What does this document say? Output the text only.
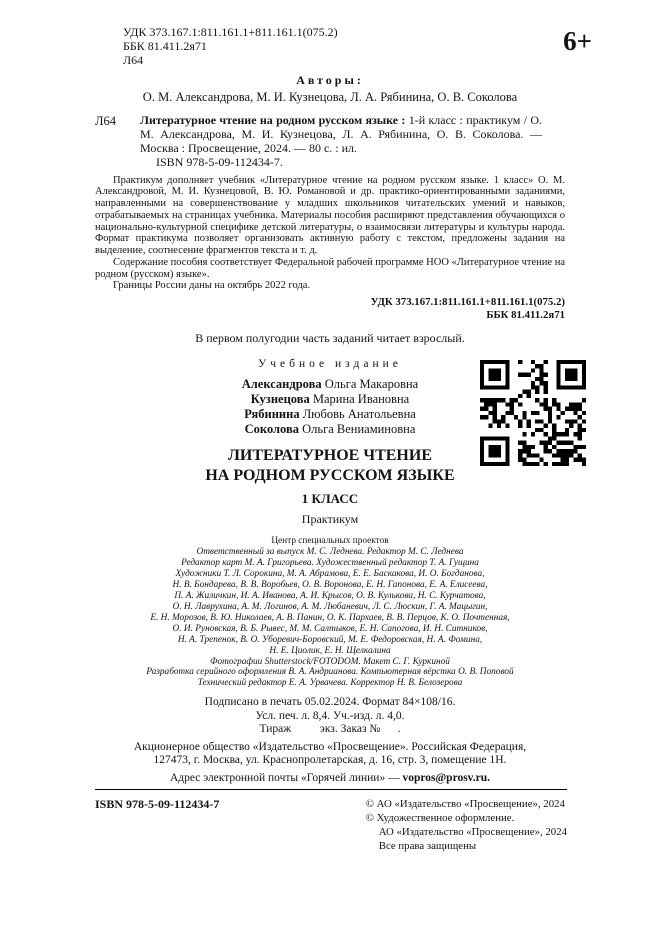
6+
УДК 373.167.1:811.161.1+811.161.1(075.2)
ББК 81.411.2я71
Л64
Авторы:
О. М. Александрова, М. И. Кузнецова, Л. А. Рябинина, О. В. Соколова
Л64 Литературное чтение на родном русском языке : 1-й класс : практикум / О. М. Александрова, М. И. Кузнецова, Л. А. Рябинина, О. В. Соколова. — Москва : Просвещение, 2024. — 80 с. : ил.
ISBN 978-5-09-112434-7.

Практикум дополняет учебник «Литературное чтение на родном русском языке. 1 класс» О. М. Александровой, М. И. Кузнецовой, В. Ю. Романовой и др. практико-ориентированными заданиями, направленными на совершенствование у младших школьников читательских умений и навыков, отрабатываемых на страницах учебника. Материалы пособия расширяют представления обучающихся о национально-культурной специфике детской литературы, о взаимосвязи литературы и культуры народа. Формат практикума позволяет организовать активную работу с текстом, предложены задания на выделение, соотнесение фрагментов текста и т. д.

Содержание пособия соответствует Федеральной рабочей программе НОО «Литературное чтение на родном (русском) языке».

Границы России даны на октябрь 2022 года.

УДК 373.167.1:811.161.1+811.161.1(075.2)
ББК 81.411.2я71
В первом полугодии часть заданий читает взрослый.
Учебное издание
Александрова Ольга Макаровна
Кузнецова Марина Ивановна
Рябинина Любовь Анатольевна
Соколова Ольга Вениаминовна
ЛИТЕРАТУРНОЕ ЧТЕНИЕ
НА РОДНОМ РУССКОМ ЯЗЫКЕ
1 КЛАСС
Практикум
Центр специальных проектов
Ответственный за выпуск М. С. Леднева. Редактор М. С. Леднева
Редактор карт М. А. Григорьева. Художественный редактор Т. А. Гущина
Художники Т. Л. Сорокина, М. А. Абрамова, Е. Е. Баскакова, И. О. Богданова,
Н. В. Бондарева, В. В. Воробьев, О. В. Воронова, Е. Н. Гапонова, Е. А. Елисеева,
П. А. Жиличкин, И. А. Иванова, А. И. Крысов, О. В. Кулькова, Н. С. Курчатова,
О. Н. Лаврухина, А. М. Логинов, А. М. Любаневич, Л. С. Люскин, Г. А. Мацыгин,
Е. Н. Морозов, В. Ю. Николаев, А. В. Панин, О. К. Пархаев, В. В. Перцов, К. О. Почтенная,
О. И. Руновская, В. Б. Рывес, М. М. Салтыков, Е. Н. Сапогова, И. Н. Ситников,
Н. А. Трепенок, В. О. Уборевич-Боровский, М. Е. Федоровская, Н. А. Фомина,
Н. Е. Циолик, Е. Н. Щелкалина
Фотографии Shutterstock/FOTODOM. Макет С. Г. Куркиной
Разработка серийного оформления В. А. Андрианова. Компьютерная вёрстка О. В. Поповой
Технический редактор Е. А. Урвачева. Корректор Н. В. Белозерова
Подписано в печать 05.02.2024. Формат 84×108/16.
Усл. печ. л. 8,4. Уч.-изд. л. 4,0.
Тираж          экз. Заказ №      .
Акционерное общество «Издательство «Просвещение». Российская Федерация,
127473, г. Москва, ул. Краснопролетарская, д. 16, стр. 3, помещение 1Н.
Адрес электронной почты «Горячей линии» — vopros@prosv.ru.
ISBN 978-5-09-112434-7	© АО «Издательство «Просвещение», 2024
© Художественное оформление.
АО «Издательство «Просвещение», 2024
Все права защищены
